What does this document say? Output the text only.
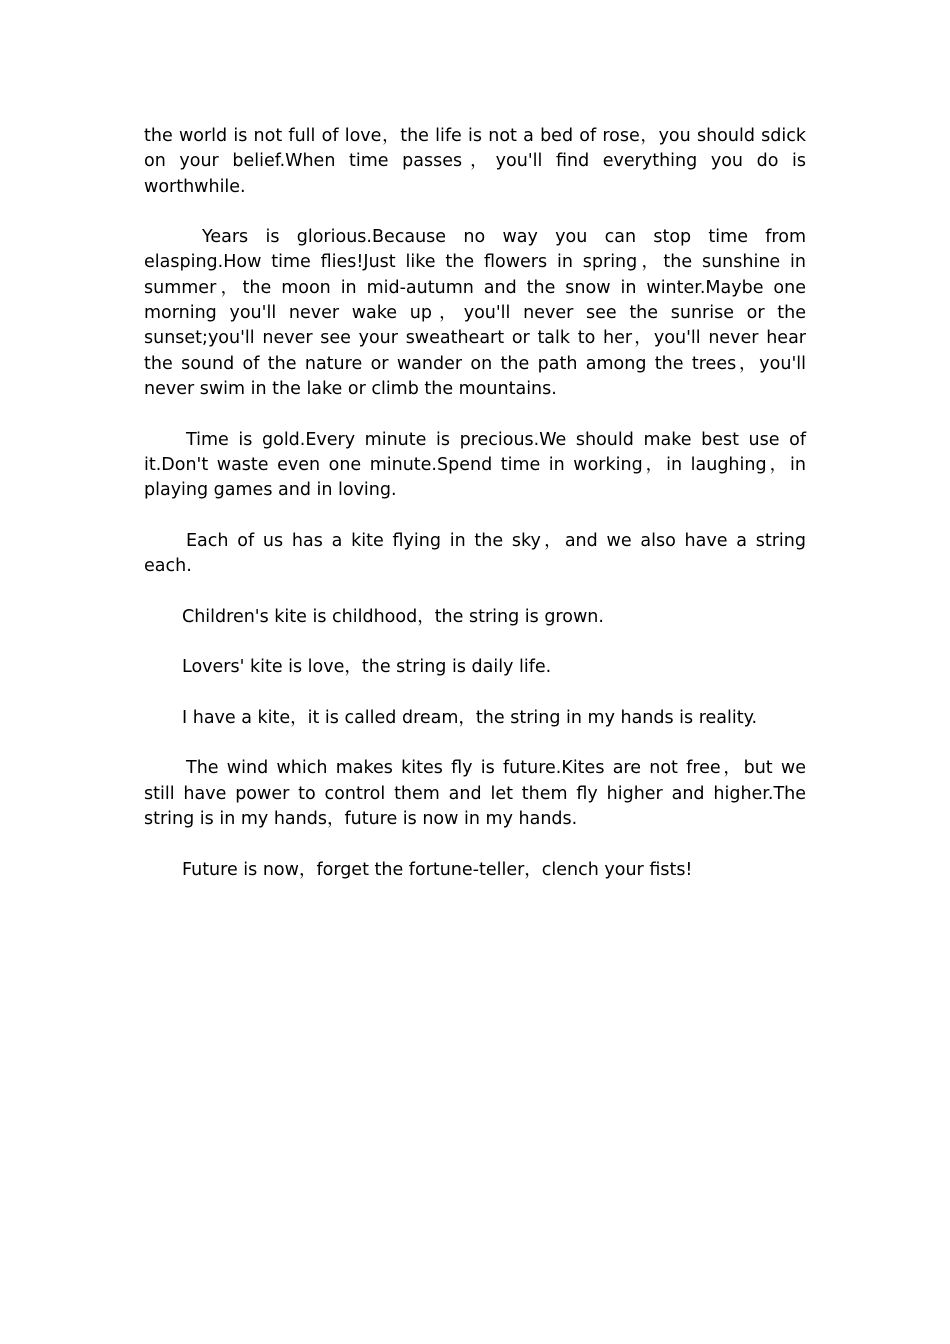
the world is not full of love，the life is not a bed of rose，you should sdick on your belief.When time passes，you'll find everything you do is worthwhile.

Years is glorious.Because no way you can stop time from elasping.How time flies!Just like the flowers in spring，the sunshine in summer，the moon in mid-autumn and the snow in winter.Maybe one morning you'll never wake up，you'll never see the sunrise or the sunset;you'll never see your sweatheart or talk to her，you'll never hear the sound of the nature or wander on the path among the trees，you'll never swim in the lake or climb the mountains.

Time is gold.Every minute is precious.We should make best use of it.Don't waste even one minute.Spend time in working，in laughing，in playing games and in loving.

Each of us has a kite flying in the sky，and we also have a string each.

Children's kite is childhood，the string is grown.

Lovers' kite is love，the string is daily life.

I have a kite，it is called dream，the string in my hands is reality.

The wind which makes kites fly is future.Kites are not free，but we still have power to control them and let them fly higher and higher.The string is in my hands，future is now in my hands.

Future is now，forget the fortune-teller，clench your fists!
